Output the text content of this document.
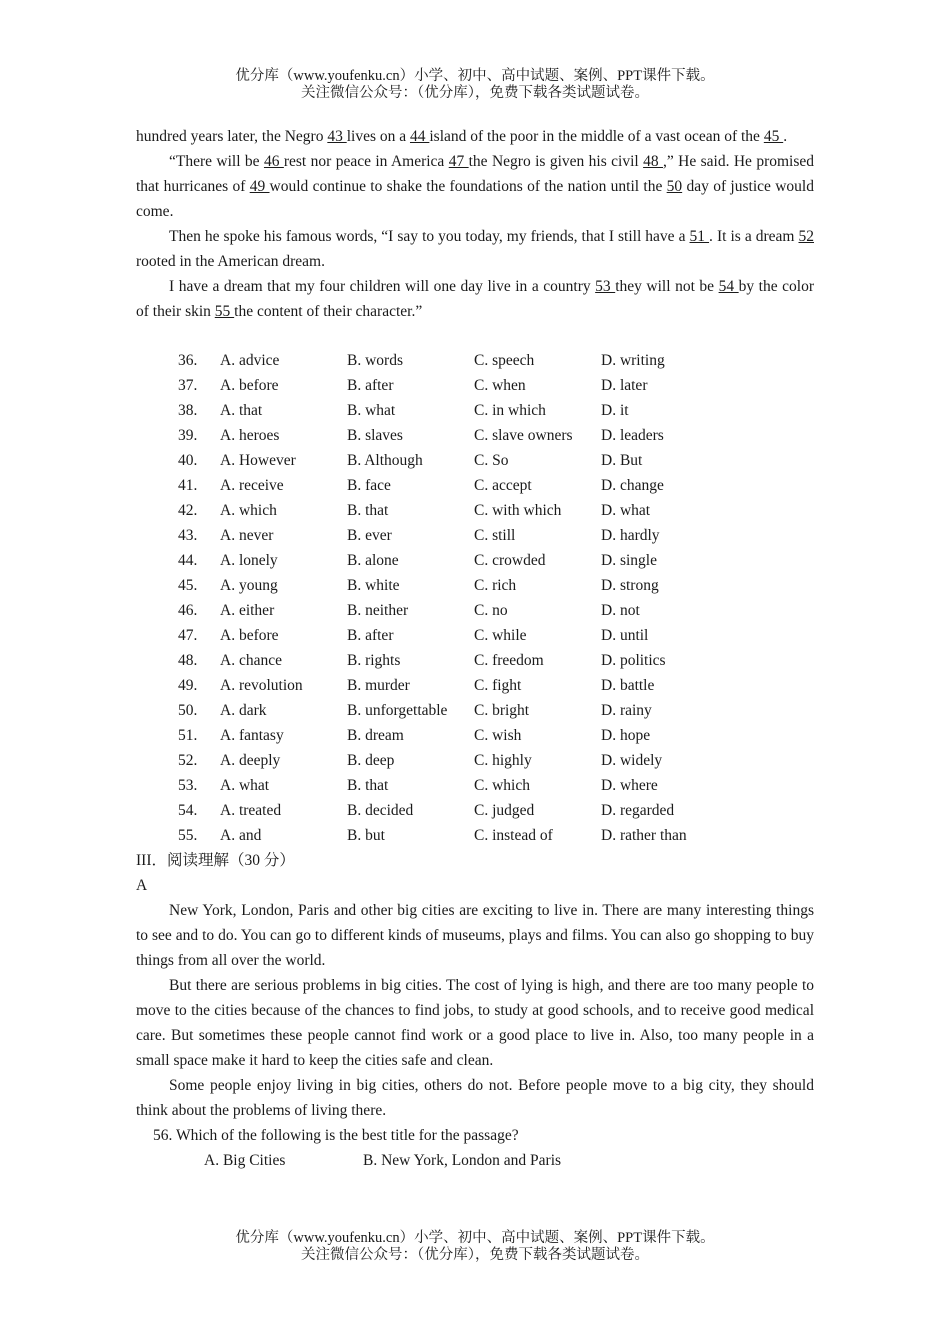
优分库（www.youfenku.cn）小学、初中、高中试题、案例、PPT课件下载。
关注微信公众号：（优分库），免费下载各类试题试卷。

hundred years later, the Negro 43 lives on a 44 island of the poor in the middle of a vast ocean of the 45 .

“There will be 46 rest nor peace in America 47 the Negro is given his civil 48 ,” He said. He promised that hurricanes of 49 would continue to shake the foundations of the nation until the 50 day of justice would come.

Then he spoke his famous words, “I say to you today, my friends, that I still have a 51 . It is a dream 52 rooted in the American dream.

I have a dream that my four children will one day live in a country 53 they will not be 54 by the color of their skin 55 the content of their character.”

36.	A. advice	B. words	C. speech	D. writing
37.	A. before	B. after	C. when	D. later
38.	A. that	B. what	C. in which	D. it
39.	A. heroes	B. slaves	C. slave owners	D. leaders
40.	A. However	B. Although	C. So	D. But
41.	A. receive	B. face	C. accept	D. change
42.	A. which	B. that	C. with which	D. what
43.	A. never	B. ever	C. still	D. hardly
44.	A. lonely	B. alone	C. crowded	D. single
45.	A. young	B. white	C. rich	D. strong
46.	A. either	B. neither	C. no	D. not
47.	A. before	B. after	C. while	D. until
48.	A. chance	B. rights	C. freedom	D. politics
49.	A. revolution	B. murder	C. fight	D. battle
50.	A. dark	B. unforgettable	C. bright	D. rainy
51.	A. fantasy	B. dream	C. wish	D. hope
52.	A. deeply	B. deep	C. highly	D. widely
53.	A. what	B. that	C. which	D. where
54.	A. treated	B. decided	C. judged	D. regarded
55.	A. and	B. but	C. instead of	D. rather than

III．阅读理解（30 分）

A

New York, London, Paris and other big cities are exciting to live in. There are many interesting things to see and to do. You can go to different kinds of museums, plays and films. You can also go shopping to buy things from all over the world.

But there are serious problems in big cities. The cost of lying is high, and there are too many people to move to the cities because of the chances to find jobs, to study at good schools, and to receive good medical care. But sometimes these people cannot find work or a good place to live in. Also, too many people in a small space make it hard to keep the cities safe and clean.

Some people enjoy living in big cities, others do not. Before people move to a big city, they should think about the problems of living there.

56. Which of the following is the best title for the passage?

A. Big Cities	B. New York, London and Paris
优分库（www.youfenku.cn）小学、初中、高中试题、案例、PPT课件下载。
关注微信公众号：（优分库），免费下载各类试题试卷。
